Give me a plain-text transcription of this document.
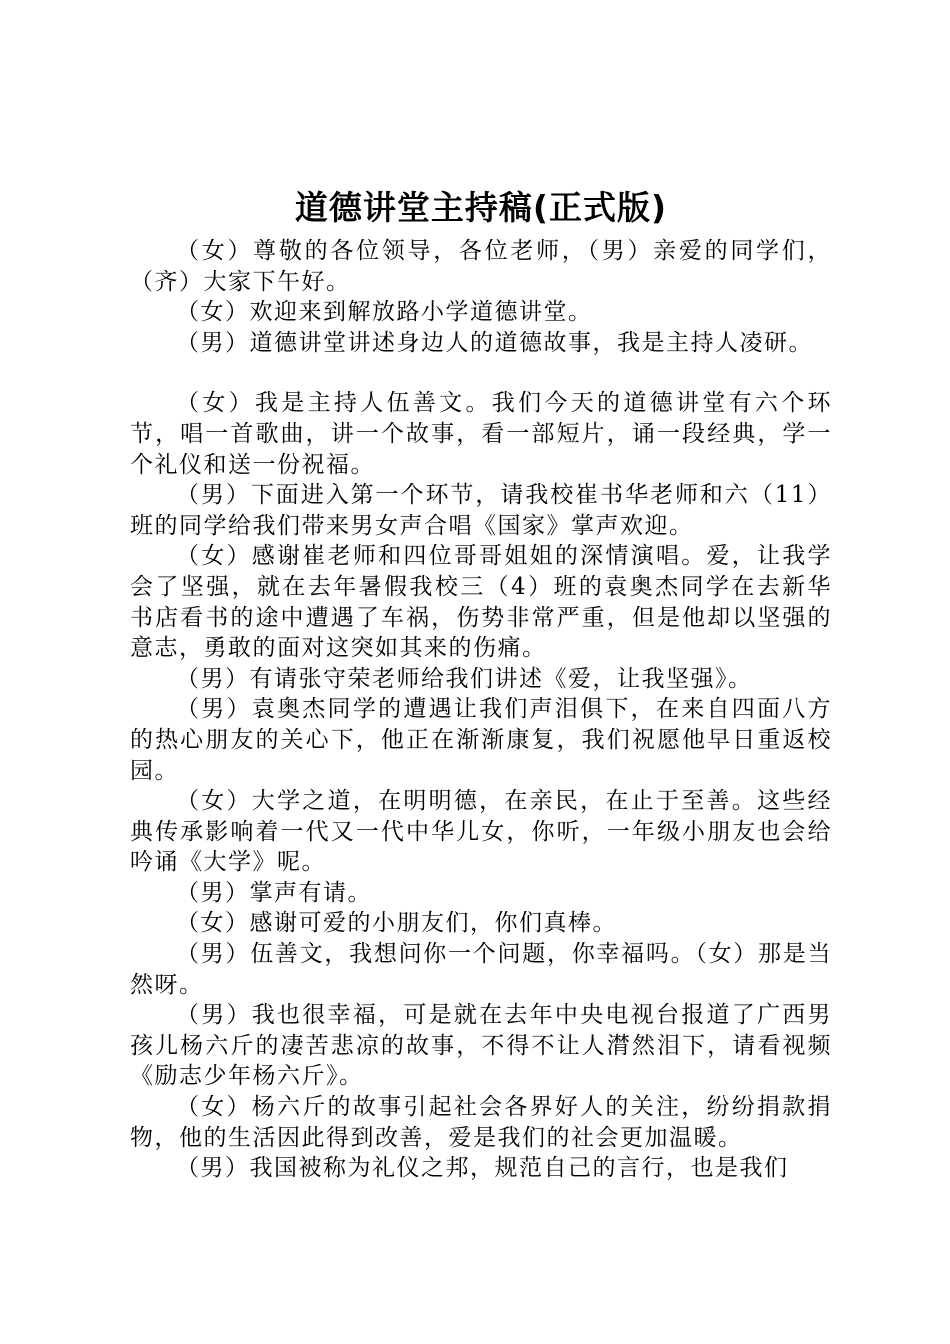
道德讲堂主持稿(正式版)

（女）尊敬的各位领导，各位老师，（男）亲爱的同学们，（齐）大家下午好。

（女）欢迎来到解放路小学道德讲堂。

（男）道德讲堂讲述身边人的道德故事，我是主持人凌研。

（女）我是主持人伍善文。我们今天的道德讲堂有六个环节，唱一首歌曲，讲一个故事，看一部短片，诵一段经典，学一个礼仪和送一份祝福。

（男）下面进入第一个环节，请我校崔书华老师和六（11）班的同学给我们带来男女声合唱《国家》掌声欢迎。

（女）感谢崔老师和四位哥哥姐姐的深情演唱。爱，让我学会了坚强，就在去年暑假我校三（4）班的袁奥杰同学在去新华书店看书的途中遭遇了车祸，伤势非常严重，但是他却以坚强的意志，勇敢的面对这突如其来的伤痛。

（男）有请张守荣老师给我们讲述《爱，让我坚强》。

（男）袁奥杰同学的遭遇让我们声泪俱下，在来自四面八方的热心朋友的关心下，他正在渐渐康复，我们祝愿他早日重返校园。

（女）大学之道，在明明德，在亲民，在止于至善。这些经典传承影响着一代又一代中华儿女，你听，一年级小朋友也会给吟诵《大学》呢。

（男）掌声有请。

（女）感谢可爱的小朋友们，你们真棒。

（男）伍善文，我想问你一个问题，你幸福吗。（女）那是当然呀。

（男）我也很幸福，可是就在去年中央电视台报道了广西男孩儿杨六斤的凄苦悲凉的故事，不得不让人潸然泪下，请看视频《励志少年杨六斤》。

（女）杨六斤的故事引起社会各界好人的关注，纷纷捐款捐物，他的生活因此得到改善，爱是我们的社会更加温暖。

（男）我国被称为礼仪之邦，规范自己的言行，也是我们
